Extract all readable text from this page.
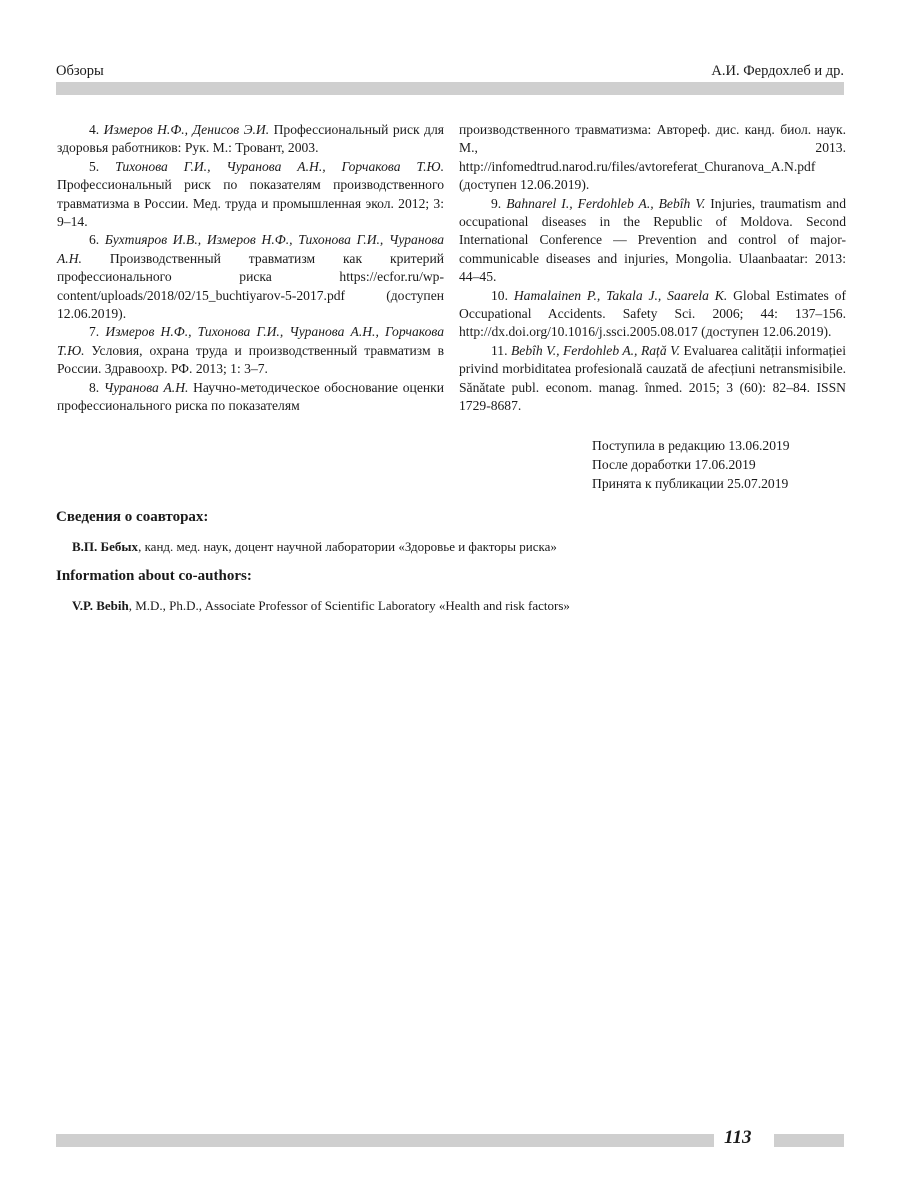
Обзоры	А.И. Фердохлеб и др.

4. Измеров Н.Ф., Денисов Э.И. Профессиональный риск для здоровья работников: Рук. М.: Тровант, 2003.

5. Тихонова Г.И., Чуранова А.Н., Горчакова Т.Ю. Профессиональный риск по показателям производственного травматизма в России. Мед. труда и промышленная экол. 2012; 3: 9–14.

6. Бухтияров И.В., Измеров Н.Ф., Тихонова Г.И., Чуранова А.Н. Производственный травматизм как критерий профессионального риска https://ecfor.ru/wp-content/uploads/2018/02/15_buchtiyarov-5-2017.pdf (доступен 12.06.2019).

7. Измеров Н.Ф., Тихонова Г.И., Чуранова А.Н., Горчакова Т.Ю. Условия, охрана труда и производственный травматизм в России. Здравоохр. РФ. 2013; 1: 3–7.

8. Чуранова А.Н. Научно-методическое обоснование оценки профессионального риска по показателям

производственного травматизма: Автореф. дис. канд. биол. наук. М., 2013. http://infomedtrud.narod.ru/files/avtoreferat_Churanova_A.N.pdf (доступен 12.06.2019).

9. Bahnarel I., Ferdohleb A., Bebîh V. Injuries, traumatism and occupational diseases in the Republic of Moldova. Second International Conference — Prevention and control of major-communicable diseases and injuries, Mongolia. Ulaanbaatar: 2013: 44–45.

10. Hamalainen P., Takala J., Saarela K. Global Estimates of Occupational Accidents. Safety Sci. 2006; 44: 137–156. http://dx.doi.org/10.1016/j.ssci.2005.08.017 (доступен 12.06.2019).

11. Bebîh V., Ferdohleb A., Rață V. Evaluarea calității informației privind morbiditatea profesională cauzată de afecțiuni netransmisibile. Sănătate publ. econom. manag. înmed. 2015; 3 (60): 82–84. ISSN 1729-8687.

Поступила в редакцию 13.06.2019
После доработки 17.06.2019
Принята к публикации 25.07.2019
Сведения о соавторах:
В.П. Бебых, канд. мед. наук, доцент научной лаборатории «Здоровье и факторы риска»
Information about co-authors:
V.P. Bebih, M.D., Ph.D., Associate Professor of Scientific Laboratory «Health and risk factors»
113
